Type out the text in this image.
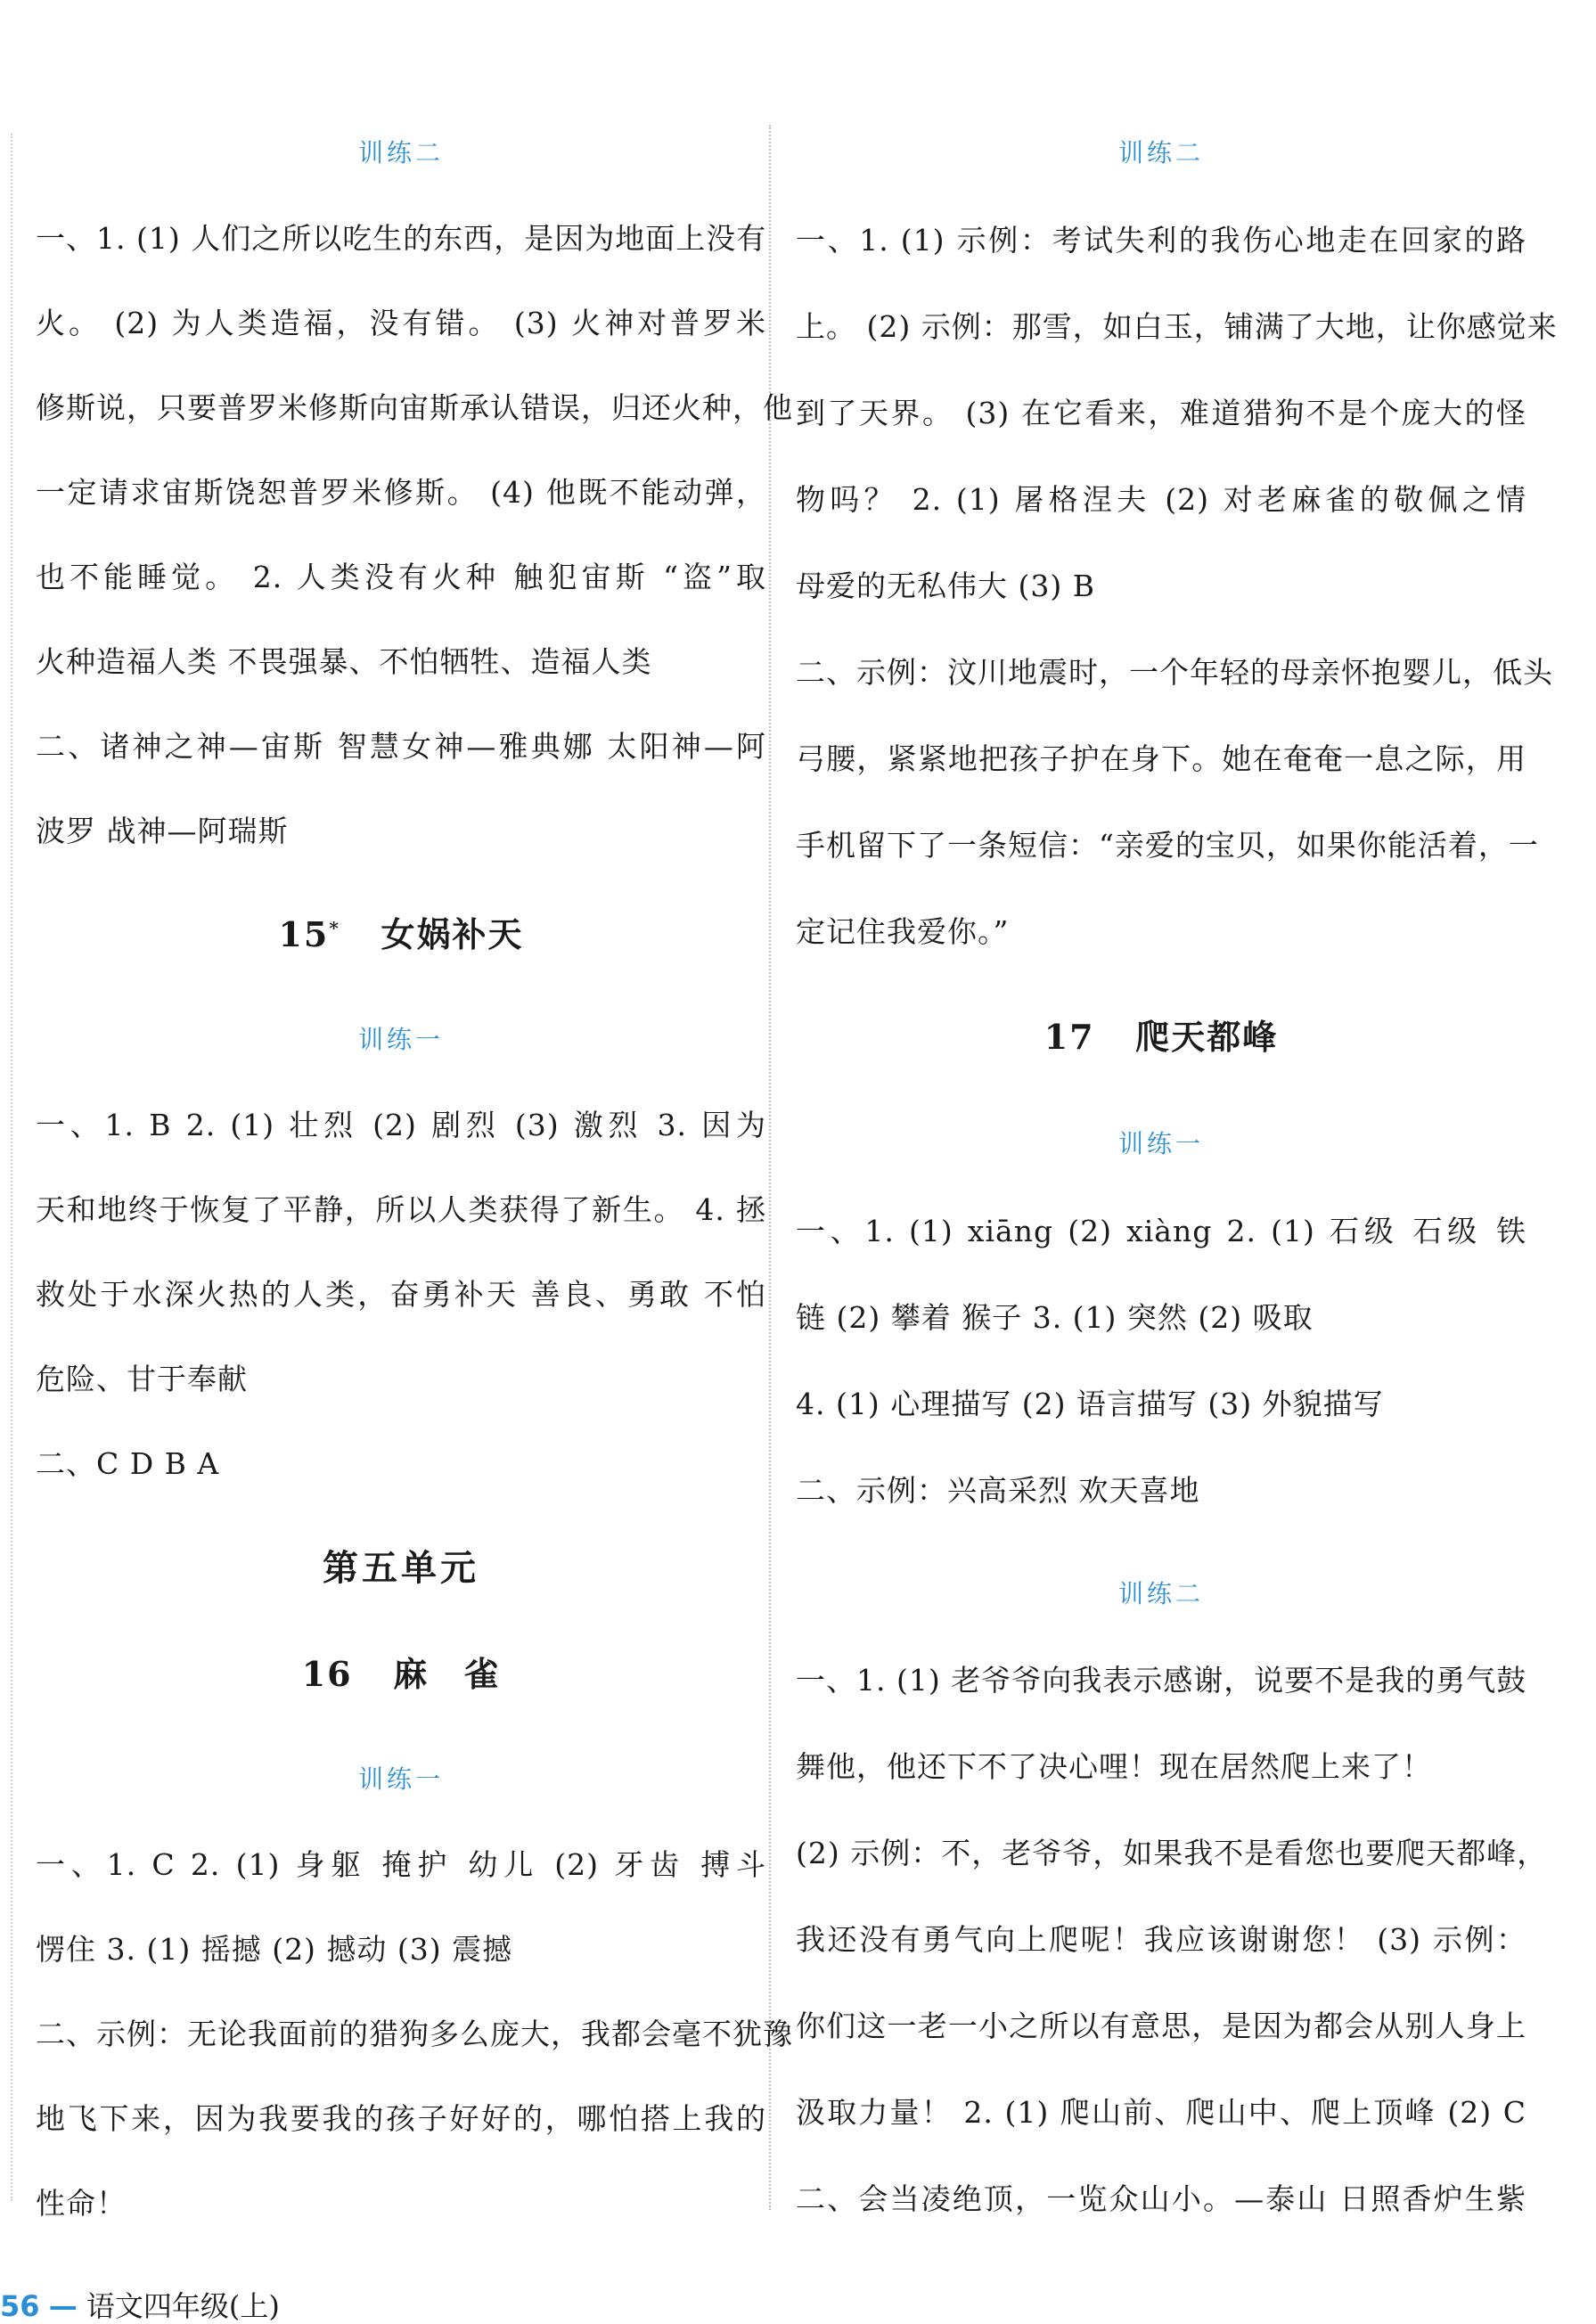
训练二
一、1. (1) 人们之所以吃生的东西，是因为地面上没有
火。 (2) 为人类造福，没有错。 (3) 火神对普罗米
修斯说，只要普罗米修斯向宙斯承认错误，归还火种，他
一定请求宙斯饶恕普罗米修斯。 (4) 他既不能动弹，
也不能睡觉。 2. 人类没有火种 触犯宙斯 “盗”取
火种造福人类 不畏强暴、不怕牺牲、造福人类
二、诸神之神—宙斯 智慧女神—雅典娜 太阳神—阿
波罗 战神—阿瑞斯
15* 女娲补天
训练一
一、1. B 2. (1) 壮烈 (2) 剧烈 (3) 激烈 3. 因为
天和地终于恢复了平静，所以人类获得了新生。 4. 拯
救处于水深火热的人类，奋勇补天 善良、勇敢 不怕
危险、甘于奉献
二、C D B A
第五单元
16 麻　雀
训练一
一、1. C 2. (1) 身躯 掩护 幼儿 (2) 牙齿 搏斗
愣住 3. (1) 摇撼 (2) 撼动 (3) 震撼
二、示例：无论我面前的猎狗多么庞大，我都会毫不犹豫
地飞下来，因为我要我的孩子好好的，哪怕搭上我的
性命！
训练二
一、1. (1) 示例：考试失利的我伤心地走在回家的路
上。 (2) 示例：那雪，如白玉，铺满了大地，让你感觉来
到了天界。 (3) 在它看来，难道猎狗不是个庞大的怪
物吗？ 2. (1) 屠格涅夫 (2) 对老麻雀的敬佩之情
母爱的无私伟大 (3) B
二、示例：汶川地震时，一个年轻的母亲怀抱婴儿，低头
弓腰，紧紧地把孩子护在身下。她在奄奄一息之际，用
手机留下了一条短信：“亲爱的宝贝，如果你能活着，一
定记住我爱你。”
17 爬天都峰
训练一
一、1. (1) xiāng (2) xiàng 2. (1) 石级 石级 铁
链 (2) 攀着 猴子 3. (1) 突然 (2) 吸取
4. (1) 心理描写 (2) 语言描写 (3) 外貌描写
二、示例：兴高采烈 欢天喜地
训练二
一、1. (1) 老爷爷向我表示感谢，说要不是我的勇气鼓
舞他，他还下不了决心哩！现在居然爬上来了！
(2) 示例：不，老爷爷，如果我不是看您也要爬天都峰，
我还没有勇气向上爬呢！我应该谢谢您！ (3) 示例：
你们这一老一小之所以有意思，是因为都会从别人身上
汲取力量！ 2. (1) 爬山前、爬山中、爬上顶峰 (2) C
二、会当凌绝顶，一览众山小。—泰山 日照香炉生紫
56 — 语文四年级(上)
